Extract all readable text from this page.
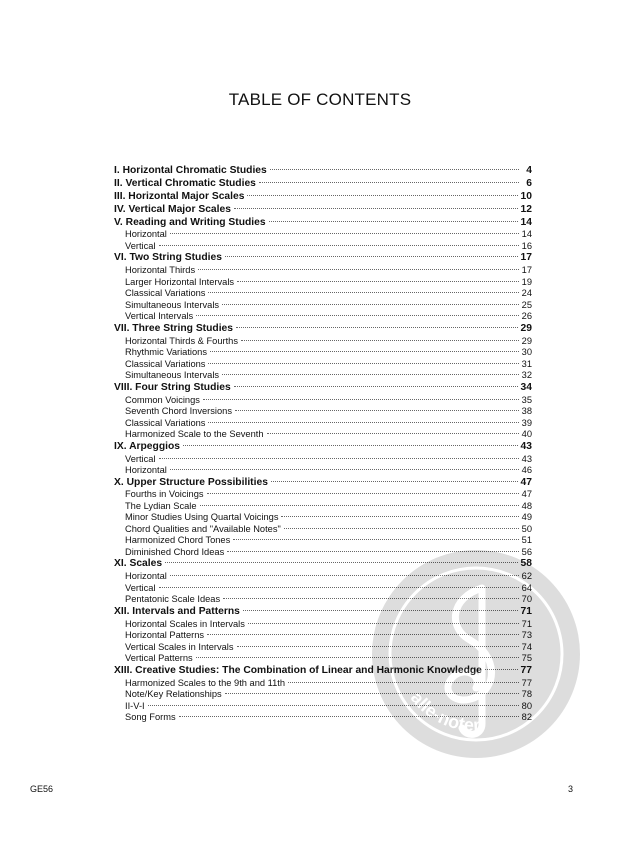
TABLE OF CONTENTS
I. Horizontal Chromatic Studies	4
II. Vertical Chromatic Studies	6
III. Horizontal Major Scales	10
IV. Vertical Major Scales	12
V. Reading and Writing Studies	14
Horizontal	14
Vertical	16
VI. Two String Studies	17
Horizontal Thirds	17
Larger Horizontal Intervals	19
Classical Variations	24
Simultaneous Intervals	25
Vertical Intervals	26
VII. Three String Studies	29
Horizontal Thirds & Fourths	29
Rhythmic Variations	30
Classical Variations	31
Simultaneous Intervals	32
VIII. Four String Studies	34
Common Voicings	35
Seventh Chord Inversions	38
Classical Variations	39
Harmonized Scale to the Seventh	40
IX. Arpeggios	43
Vertical	43
Horizontal	46
X. Upper Structure Possibilities	47
Fourths in Voicings	47
The Lydian Scale	48
Minor Studies Using Quartal Voicings	49
Chord Qualities and "Available Notes"	50
Harmonized Chord Tones	51
Diminished Chord Ideas	56
XI. Scales	58
Horizontal	62
Vertical	64
Pentatonic Scale Ideas	70
XII. Intervals and Patterns	71
Horizontal Scales in Intervals	71
Horizontal Patterns	73
Vertical Scales in Intervals	74
Vertical Patterns	75
XIII. Creative Studies: The Combination of Linear and Harmonic Knowledge	77
Harmonized Scales to the 9th and 11th	77
Note/Key Relationships	78
II-V-I	80
Song Forms	82
GE56	3
alle-noten
